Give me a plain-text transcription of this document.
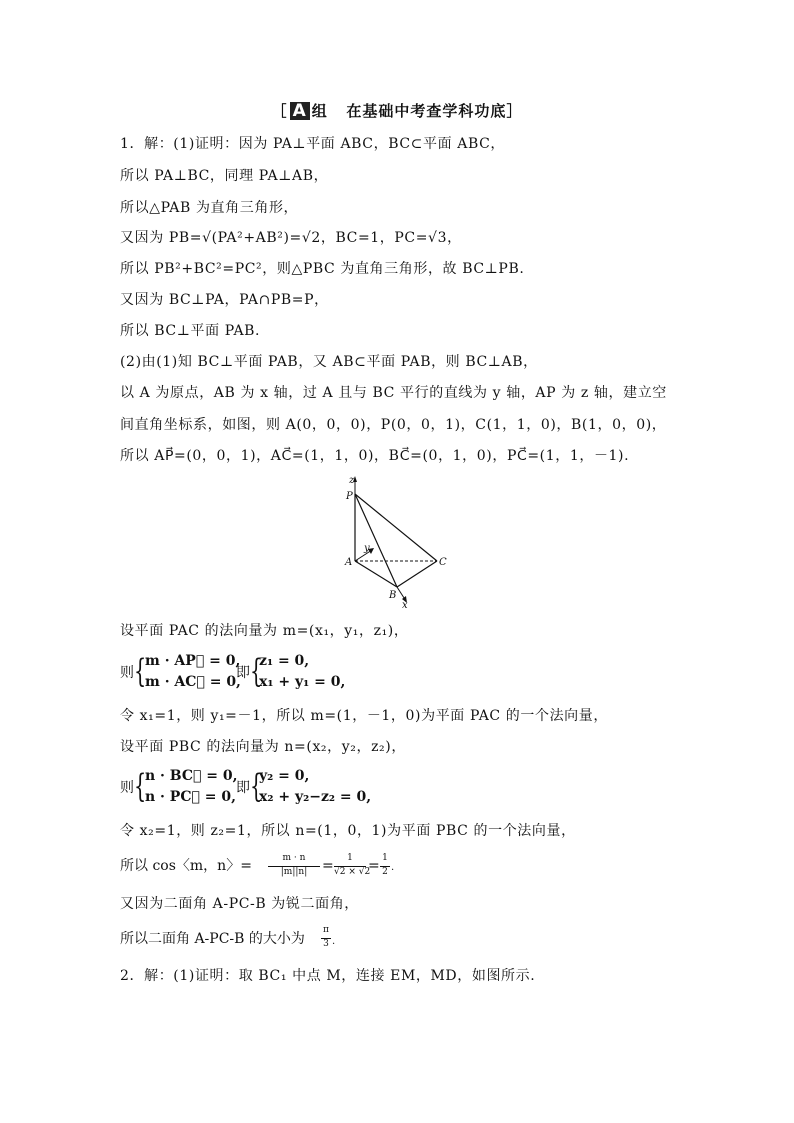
［ A 组 在基础中考查学科功底］
1．解：(1)证明：因为 PA⊥平面 ABC，BC⊂平面 ABC，
所以 PA⊥BC，同理 PA⊥AB，
所以△PAB 为直角三角形，
又因为 PB=√(PA²+AB²)=√2，BC=1，PC=√3，
所以 PB²+BC²=PC²，则△PBC 为直角三角形，故 BC⊥PB.
又因为 BC⊥PA，PA∩PB=P，
所以 BC⊥平面 PAB.
(2)由(1)知 BC⊥平面 PAB，又 AB⊂平面 PAB，则 BC⊥AB，
以 A 为原点，AB 为 x 轴，过 A 且与 BC 平行的直线为 y 轴，AP 为 z 轴，建立空
间直角坐标系，如图，则 A(0，0，0)，P(0，0，1)，C(1，1，0)，B(1，0，0)，
所以 AP⃗=(0，0，1)，AC⃗=(1，1，0)，BC⃗=(0，1，0)，PC⃗=(1，1，－1).
z
P
y
A	C
B
x
设平面 PAC 的法向量为 m=(x₁，y₁，z₁)，
则 {
m · AP⃗ = 0,
m · AC⃗ = 0,
即 {
z₁ = 0,
x₁ + y₁ = 0,
令 x₁=1，则 y₁=－1，所以 m=(1，－1，0)为平面 PAC 的一个法向量，
设平面 PBC 的法向量为 n=(x₂，y₂，z₂)，
则 {
n · BC⃗ = 0,
n · PC⃗ = 0,
即 {
y₂ = 0,
x₂ + y₂−z₂ = 0,
令 x₂=1，则 z₂=1，所以 n=(1，0，1)为平面 PBC 的一个法向量，
所以 cos〈m，n〉=	m · n
|m||n|	=	1
√2 × √2
= 1
2 .
又因为二面角 A-PC-B 为锐二面角，
所以二面角 A-PC-B 的大小为
π
3 .
2．解：(1)证明：取 BC₁ 中点 M，连接 EM，MD，如图所示.
